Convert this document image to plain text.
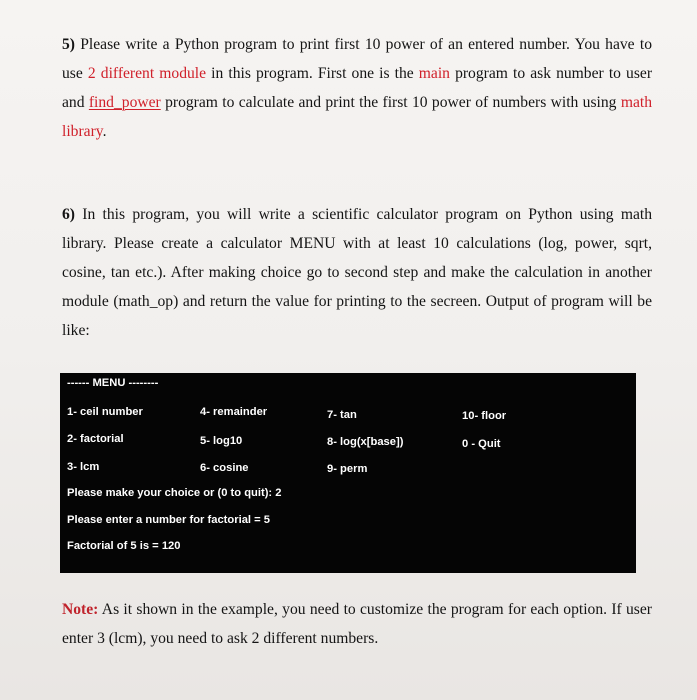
5) Please write a Python program to print first 10 power of an entered number. You have to use 2 different module in this program. First one is the main program to ask number to user and find_power program to calculate and print the first 10 power of numbers with using math library.
6) In this program, you will write a scientific calculator program on Python using math library. Please create a calculator MENU with at least 10 calculations (log, power, sqrt, cosine, tan etc.). After making choice go to second step and make the calculation in another module (math_op) and return the value for printing to the secreen. Output of program will be like:
------ MENU --------
1- ceil number	4- remainder	7- tan	10- floor
2- factorial	5- log10	8- log(x[base])	0 - Quit
3- lcm	6- cosine	9- perm
Please make your choice or (0 to quit): 2
Please enter a number for factorial = 5
Factorial of 5 is = 120
Note: As it shown in the example, you need to customize the program for each option. If user enter 3 (lcm), you need to ask 2 different numbers.
